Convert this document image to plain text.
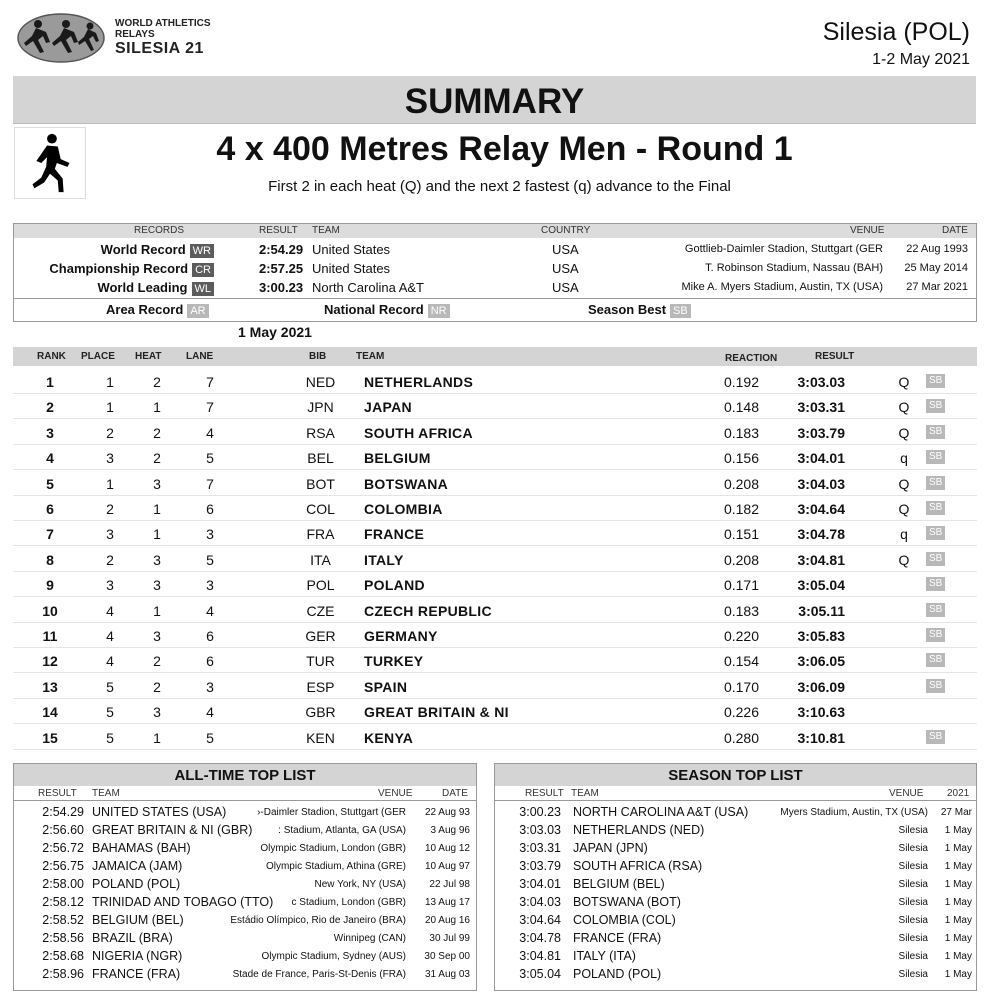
WORLD ATHLETICS
RELAYS
SILESIA 21
Silesia (POL)
1-2 May 2021
SUMMARY
4 x 400 Metres Relay Men - Round 1
First 2 in each heat (Q) and the next 2 fastest (q) advance to the Final
RECORDS	RESULT TEAM	COUNTRY	VENUE	DATE
World Record WR	2:54.29 United States	USA	Gottlieb-Daimler Stadion, Stuttgart (GER 22 Aug 1993
Championship Record CR	2:57.25 United States	USA	T. Robinson Stadium, Nassau (BAH) 25 May 2014
World Leading WL	3:00.23 North Carolina A&T	USA	Mike A. Myers Stadium, Austin, TX (USA) 27 Mar 2021
Area Record AR	National Record NR	Season Best SB
1 May 2021
RANK PLACE HEAT LANE	BIB	TEAM	REACTION	RESULT
1	1	2	7	NED	NETHERLANDS	0.192	3:03.03	Q	SB
2	1	1	7	JPN	JAPAN	0.148	3:03.31	Q	SB
3	2	2	4	RSA	SOUTH AFRICA	0.183	3:03.79	Q	SB
4	3	2	5	BEL	BELGIUM	0.156	3:04.01	q	SB
5	1	3	7	BOT	BOTSWANA	0.208	3:04.03	Q	SB
6	2	1	6	COL	COLOMBIA	0.182	3:04.64	Q	SB
7	3	1	3	FRA	FRANCE	0.151	3:04.78	q	SB
8	2	3	5	ITA	ITALY	0.208	3:04.81	Q	SB
9	3	3	3	POL	POLAND	0.171	3:05.04	SB
10	4	1	4	CZE	CZECH REPUBLIC	0.183	3:05.11	SB
11	4	3	6	GER	GERMANY	0.220	3:05.83	SB
12	4	2	6	TUR	TURKEY	0.154	3:06.05	SB
13	5	2	3	ESP	SPAIN	0.170	3:06.09	SB
14	5	3	4	GBR	GREAT BRITAIN & NI	0.226	3:10.63
15	5	1	5	KEN	KENYA	0.280	3:10.81	SB
ALL-TIME TOP LIST
RESULT TEAM	VENUE	DATE
2:54.29 UNITED STATES (USA)	›-Daimler Stadion, Stuttgart (GER 22 Aug 93
2:56.60 GREAT BRITAIN & NI (GBR)	: Stadium, Atlanta, GA (USA) 3 Aug 96
2:56.72 BAHAMAS (BAH)	Olympic Stadium, London (GBR) 10 Aug 12
2:56.75 JAMAICA (JAM)	Olympic Stadium, Athina (GRE) 10 Aug 97
2:58.00 POLAND (POL)	New York, NY (USA) 22 Jul 98
2:58.12 TRINIDAD AND TOBAGO (TTO) c Stadium, London (GBR) 13 Aug 17
2:58.52 BELGIUM (BEL)	Estádio Olímpico, Rio de Janeiro (BRA) 20 Aug 16
2:58.56 BRAZIL (BRA)	Winnipeg (CAN) 30 Jul 99
2:58.68 NIGERIA (NGR)	Olympic Stadium, Sydney (AUS) 30 Sep 00
2:58.96 FRANCE (FRA)	Stade de France, Paris-St-Denis (FRA) 31 Aug 03
SEASON TOP LIST
RESULT TEAM	VENUE 2021
3:00.23 NORTH CAROLINA A&T (USA)	Myers Stadium, Austin, TX (USA) 27 Mar
3:03.03 NETHERLANDS (NED)	Silesia 1 May
3:03.31 JAPAN (JPN)	Silesia 1 May
3:03.79 SOUTH AFRICA (RSA)	Silesia 1 May
3:04.01 BELGIUM (BEL)	Silesia 1 May
3:04.03 BOTSWANA (BOT)	Silesia 1 May
3:04.64 COLOMBIA (COL)	Silesia 1 May
3:04.78 FRANCE (FRA)	Silesia 1 May
3:04.81 ITALY (ITA)	Silesia 1 May
3:05.04 POLAND (POL)	Silesia 1 May
